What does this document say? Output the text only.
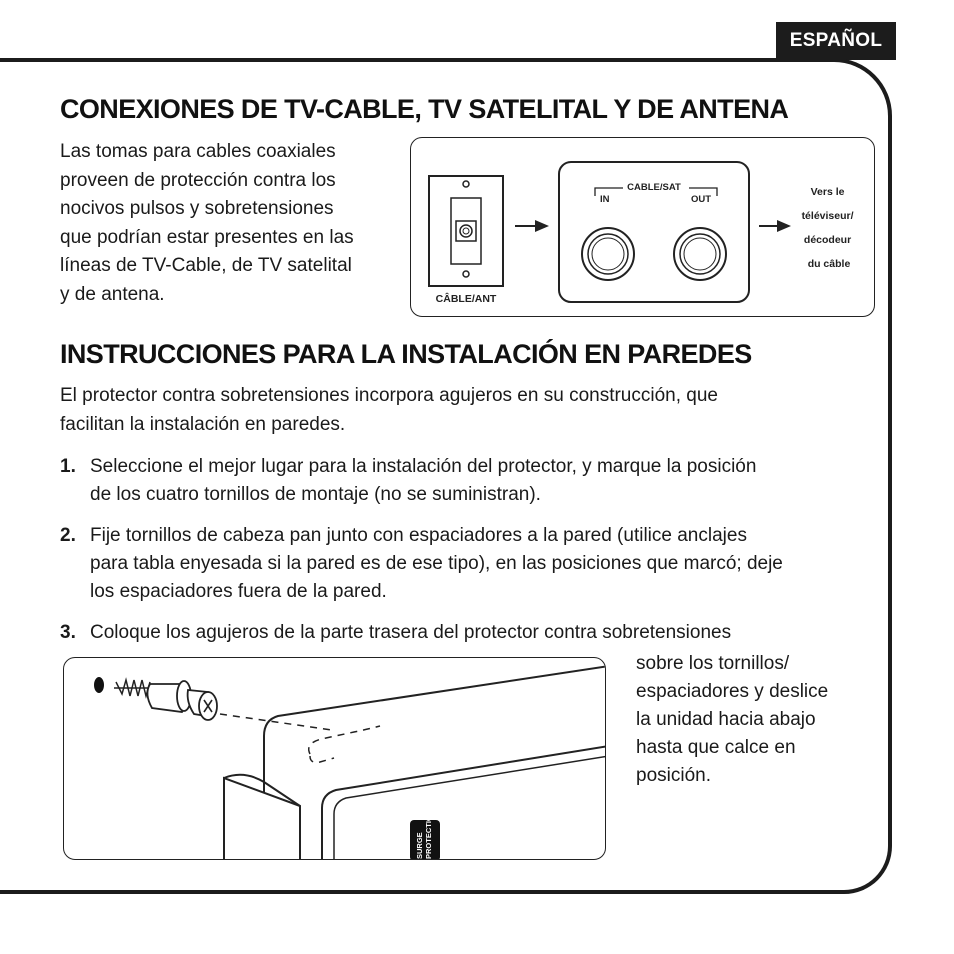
ESPAÑOL
CONEXIONES DE TV-CABLE, TV SATELITAL Y DE ANTENA

Las tomas para cables coaxiales
proveen de protección contra los
nocivos pulsos y sobretensiones
que podrían estar presentes en las
líneas de TV-Cable, de TV satelital
y de antena.	CÂBLE/ANT
CABLE/SAT
IN	OUT
Vers le téléviseur/ décodeur du câble
INSTRUCCIONES PARA LA INSTALACIÓN EN PAREDES

El protector contra sobretensiones incorpora agujeros en su construcción, que
facilitan la instalación en paredes.

1. Seleccione el mejor lugar para la instalación del protector, y marque la posición
de los cuatro tornillos de montaje (no se suministran).
2. Fije tornillos de cabeza pan junto con espaciadores a la pared (utilice anclajes
para tabla enyesada si la pared es de ese tipo), en las posiciones que marcó; deje
los espaciadores fuera de la pared.
3. Coloque los agujeros de la parte trasera del protector contra sobretensiones
sobre los tornillos/
espaciadores y deslice
la unidad hacia abajo
hasta que calce en
posición.
SURGE PROTECTION
